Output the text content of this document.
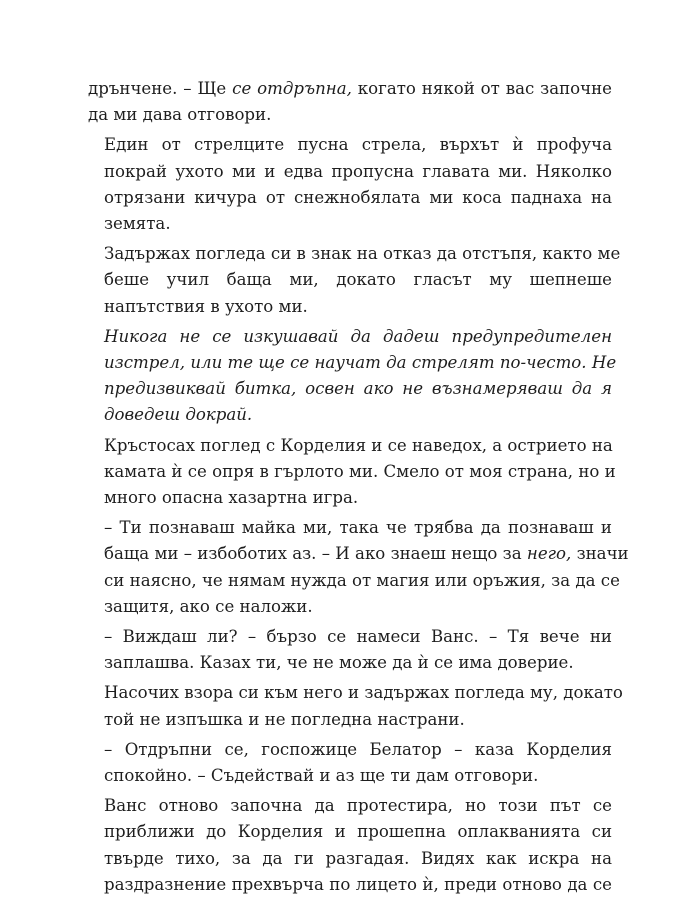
дрънчене. – Ще се отдръпна, когато някой от вас започне
да ми дава отговори.
Един от стрелците пусна стрела, върхът ѝ профуча
покрай ухото ми и едва пропусна главата ми. Няколко
отрязани кичура от снежнобялата ми коса паднаха на
земята.
Задържах погледа си в знак на отказ да отстъпя, както ме
беше учил баща ми, докато гласът му шепнеше
напътствия в ухото ми.
Никога не се изкушавай да дадеш предупредителен
изстрел, или те ще се научат да стрелят по-често. Не
предизвиквай битка, освен ако не възнамеряваш да я
доведеш докрай.
Кръстосах поглед с Корделия и се наведох, а острието на
камата ѝ се опря в гърлото ми. Смело от моя страна, но и
много опасна хазартна игра.
– Ти познаваш майка ми, така че трябва да познаваш и
баща ми – избоботих аз. – И ако знаеш нещо за него, значи
си наясно, че нямам нужда от магия или оръжия, за да се
защитя, ако се наложи.
– Виждаш ли? – бързо се намеси Ванс. – Тя вече ни
заплашва. Казах ти, че не може да ѝ се има доверие.
Насочих взора си към него и задържах погледа му, докато
той не изпъшка и не погледна настрани.
– Отдръпни се, госпожице Белатор – каза Корделия
спокойно. – Съдействай и аз ще ти дам отговори.
Ванс отново започна да протестира, но този път се
приближи до Корделия и прошепна оплакванията си
твърде тихо, за да ги разгадая. Видях как искра на
раздразнение прехвърча по лицето ѝ, преди отново да се
